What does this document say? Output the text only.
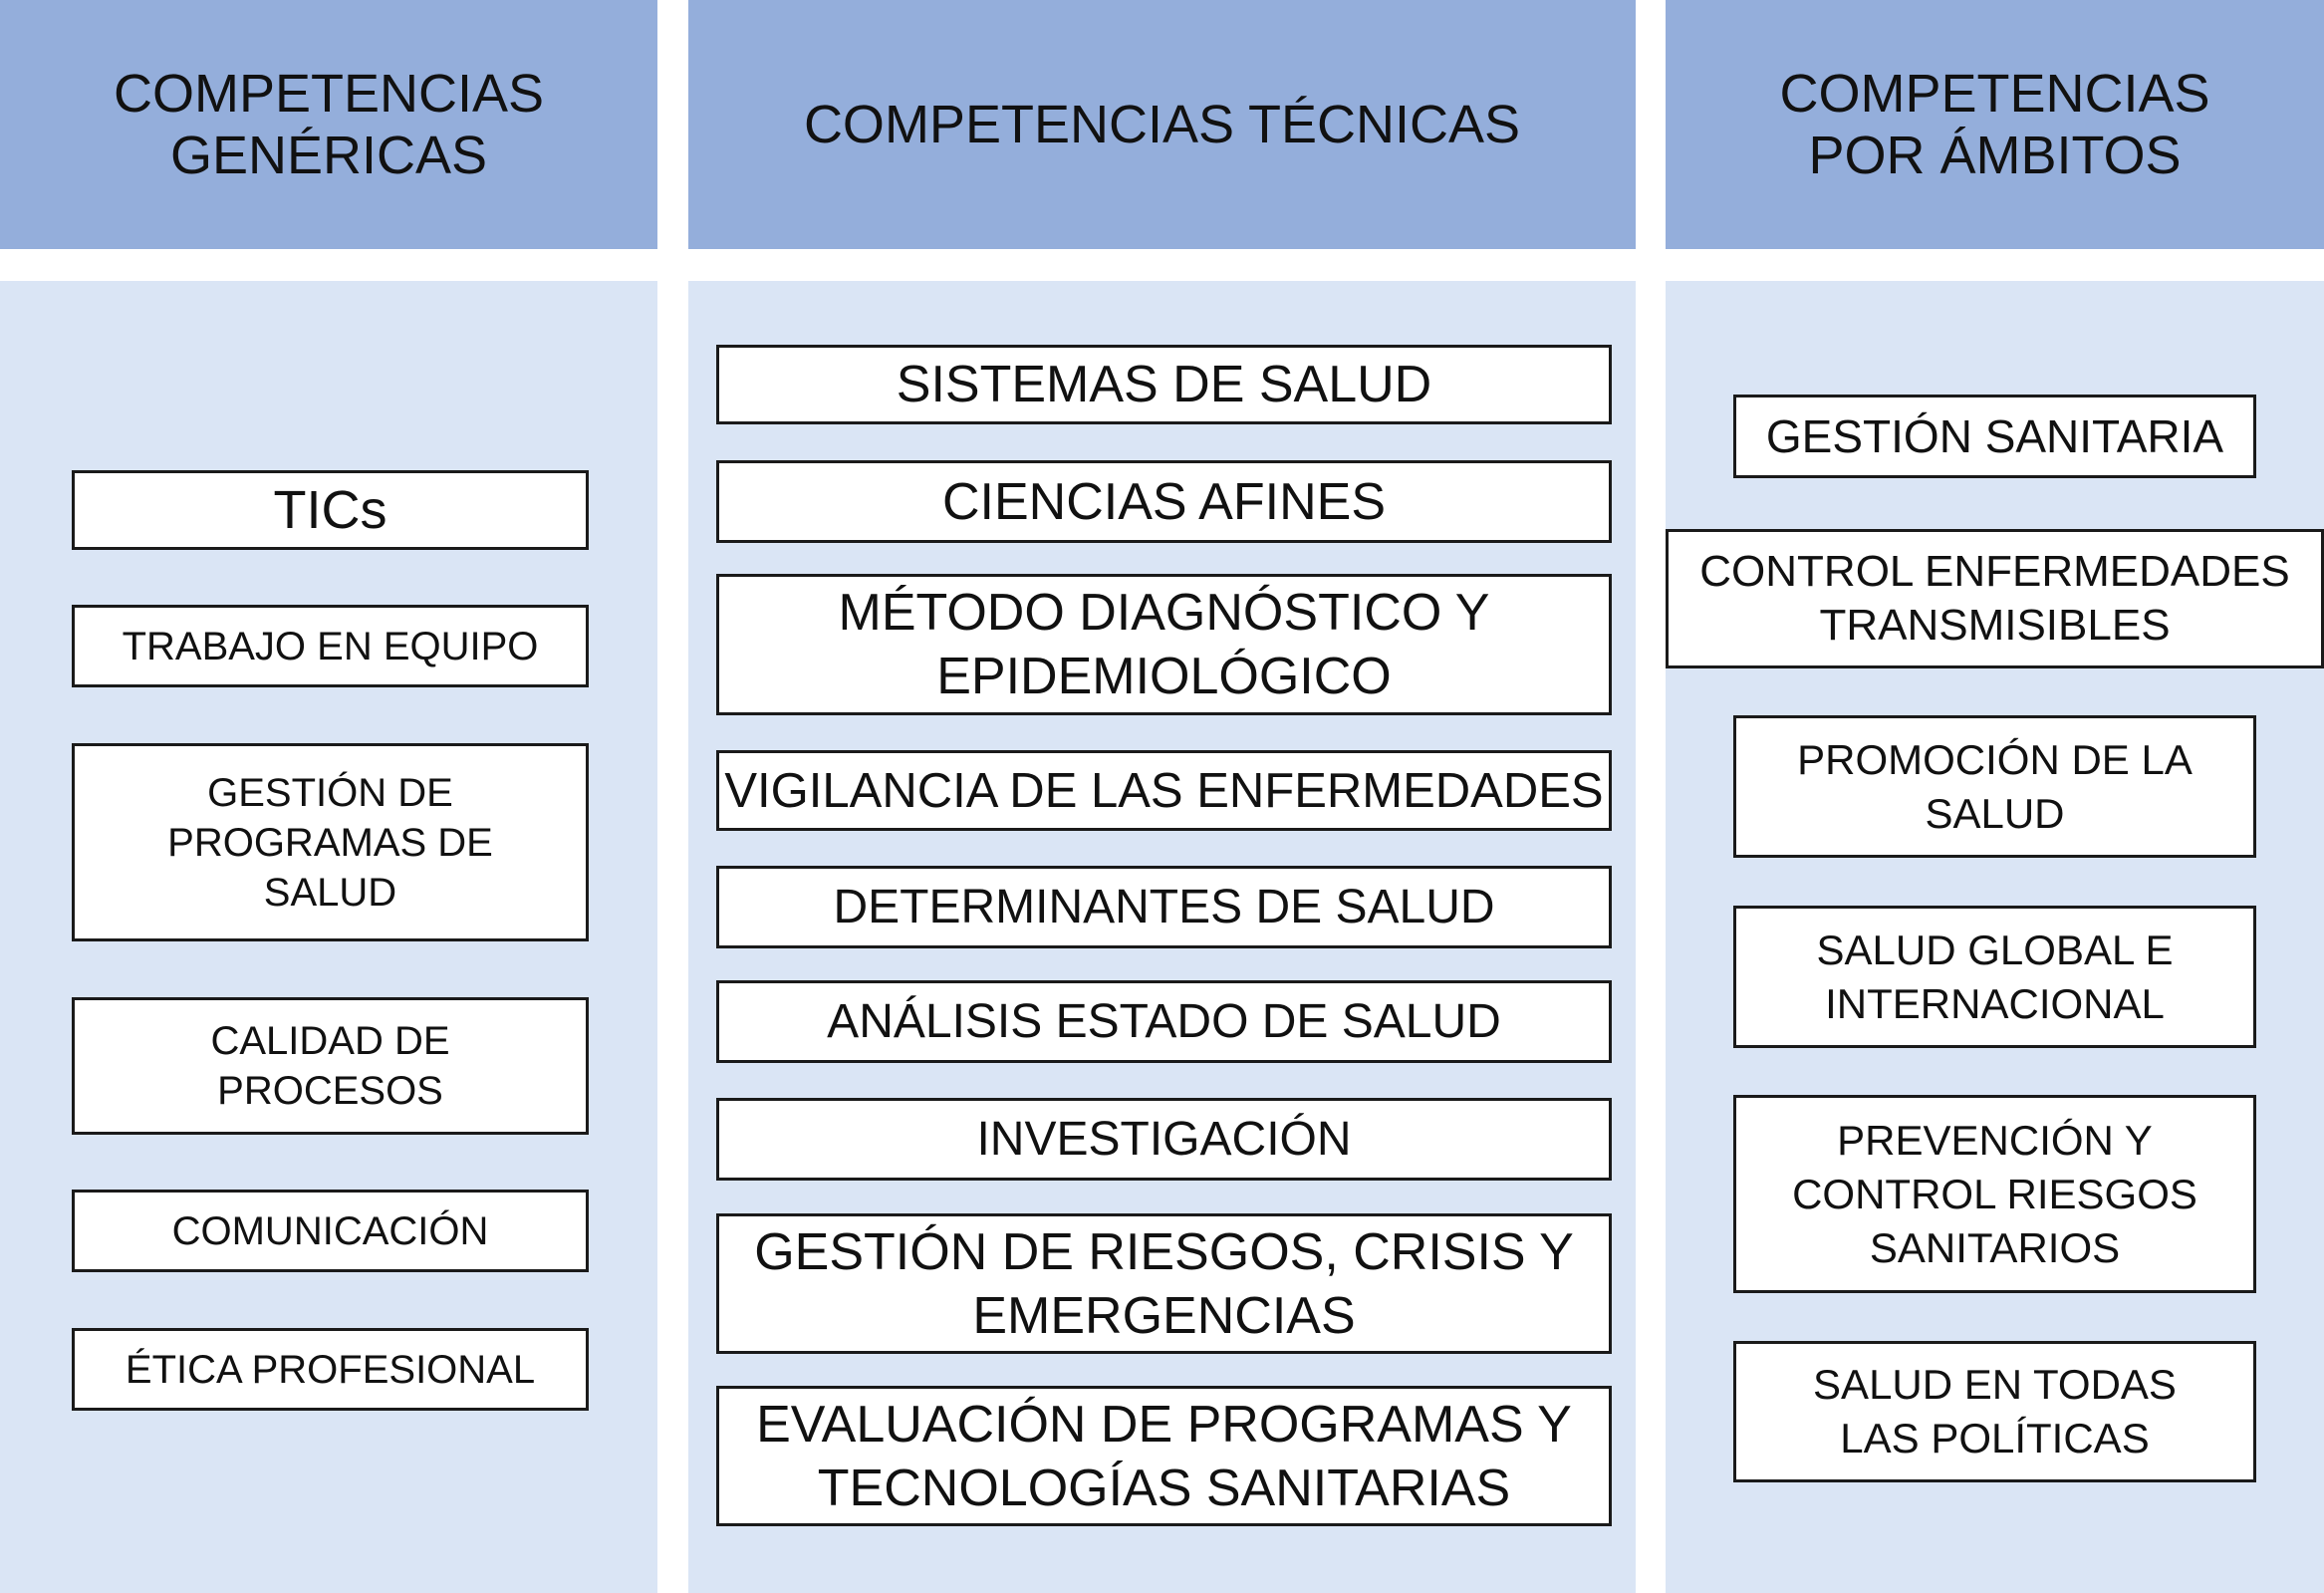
COMPETENCIAS
GENÉRICAS
COMPETENCIAS TÉCNICAS
COMPETENCIAS
POR ÁMBITOS
TICs
TRABAJO EN EQUIPO
GESTIÓN DE
PROGRAMAS DE
SALUD
CALIDAD DE
PROCESOS
COMUNICACIÓN
ÉTICA PROFESIONAL
SISTEMAS DE SALUD
CIENCIAS AFINES
MÉTODO DIAGNÓSTICO Y
EPIDEMIOLÓGICO
VIGILANCIA DE LAS ENFERMEDADES
DETERMINANTES DE SALUD
ANÁLISIS ESTADO DE SALUD
INVESTIGACIÓN
GESTIÓN DE RIESGOS, CRISIS Y
EMERGENCIAS
EVALUACIÓN DE PROGRAMAS Y
TECNOLOGÍAS SANITARIAS
GESTIÓN SANITARIA
CONTROL ENFERMEDADES
TRANSMISIBLES
PROMOCIÓN DE LA
SALUD
SALUD GLOBAL E
INTERNACIONAL
PREVENCIÓN Y
CONTROL RIESGOS
SANITARIOS
SALUD EN TODAS
LAS POLÍTICAS
